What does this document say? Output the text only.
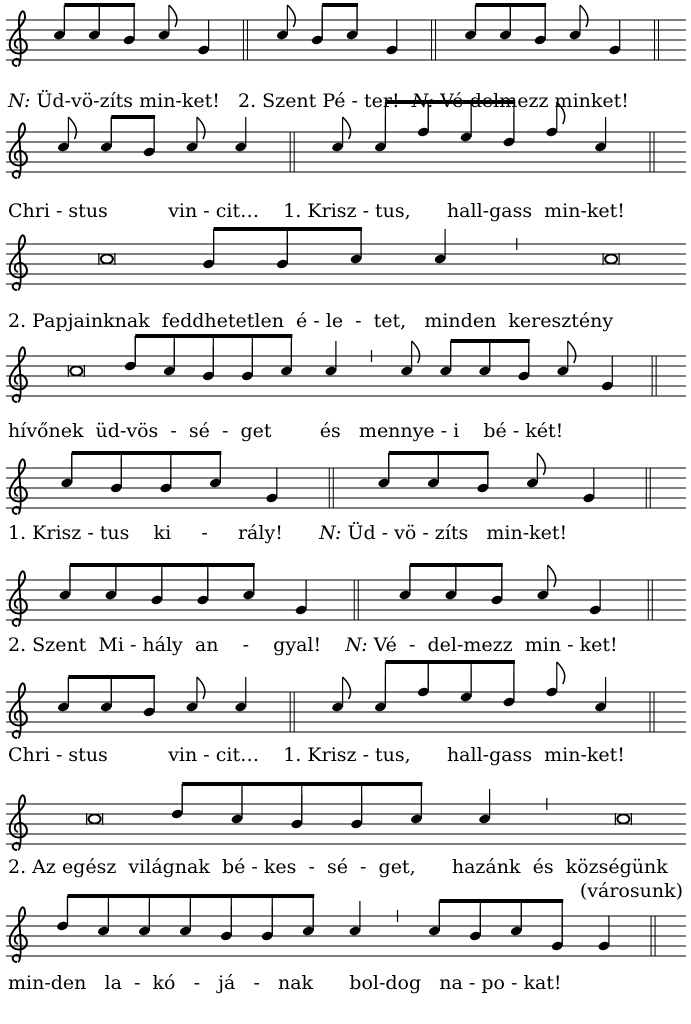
N: Üd-vö-zíts min-ket!   2. Szent Pé - ter!  N: Vé-delmezz minket!
Chri - stus          vin - cit…    1. Krisz - tus,      hall-gass  min-ket!
2. Papjainknak  feddhetetlen  é - le  -  tet,   minden  keresztény
hívőnek  üd-vös  -  sé  -  get        és   mennye - i    bé - két!
1. Krisz - tus    ki     -     rály!      N: Üd - vö - zíts   min-ket!
2. Szent  Mi - hály  an    -    gyal!    N: Vé  -  del-mezz  min - ket!
Chri - stus          vin - cit…    1. Krisz - tus,      hall-gass  min-ket!
2. Az egész  világnak  bé - kes  -  sé  -  get,      hazánk  és  községünk
(városunk)
min-den   la  -  kó   -   já   -   nak      bol-dog   na - po - kat!
